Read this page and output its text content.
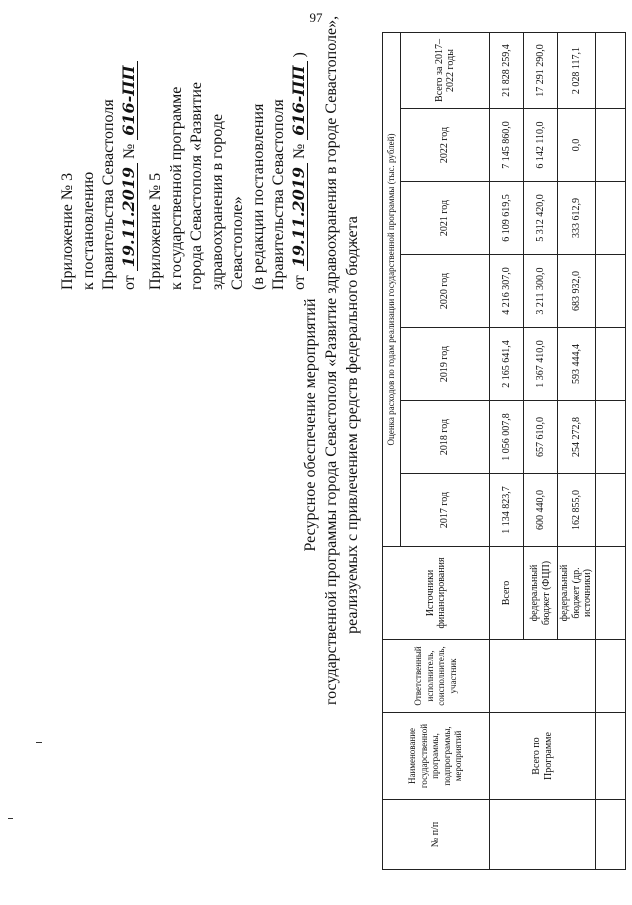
97
Приложение № 3 к постановлению Правительства Севастополя от 19.11.2019 № 616-ПП
Приложение № 5 к государственной программе города Севастополя «Развитие здравоохранения в городе Севастополе» (в редакции постановления Правительства Севастополя от 19.11.2019 № 616-ПП )
Ресурсное обеспечение мероприятий государственной программы города Севастополя «Развитие здравоохранения в городе Севастополе», реализуемых с привлечением средств федерального бюджета
№ п/п	Наименование государственной программы, подпрограммы, мероприятий	Ответственный исполнитель, соисполнитель, участник	Источники финансирования	Оценка расходов по годам реализации государственной программы (тыс. рублей)						
				2017 год	2018 год	2019 год	2020 год	2021 год	2022 год	Всего за 2017–2022 годы
	Всего по Программе		Всего	1 134 823,7	1 056 007,8	2 165 641,4	4 216 307,0	6 109 619,5	7 145 860,0	21 828 259,4
			федеральный бюджет (ФЦП)	600 440,0	657 610,0	1 367 410,0	3 211 300,0	5 312 420,0	6 142 110,0	17 291 290,0
			федеральный бюджет (др. источники)	162 855,0	254 272,8	593 444,4	683 932,0	333 612,9	0,0	2 028 117,1
